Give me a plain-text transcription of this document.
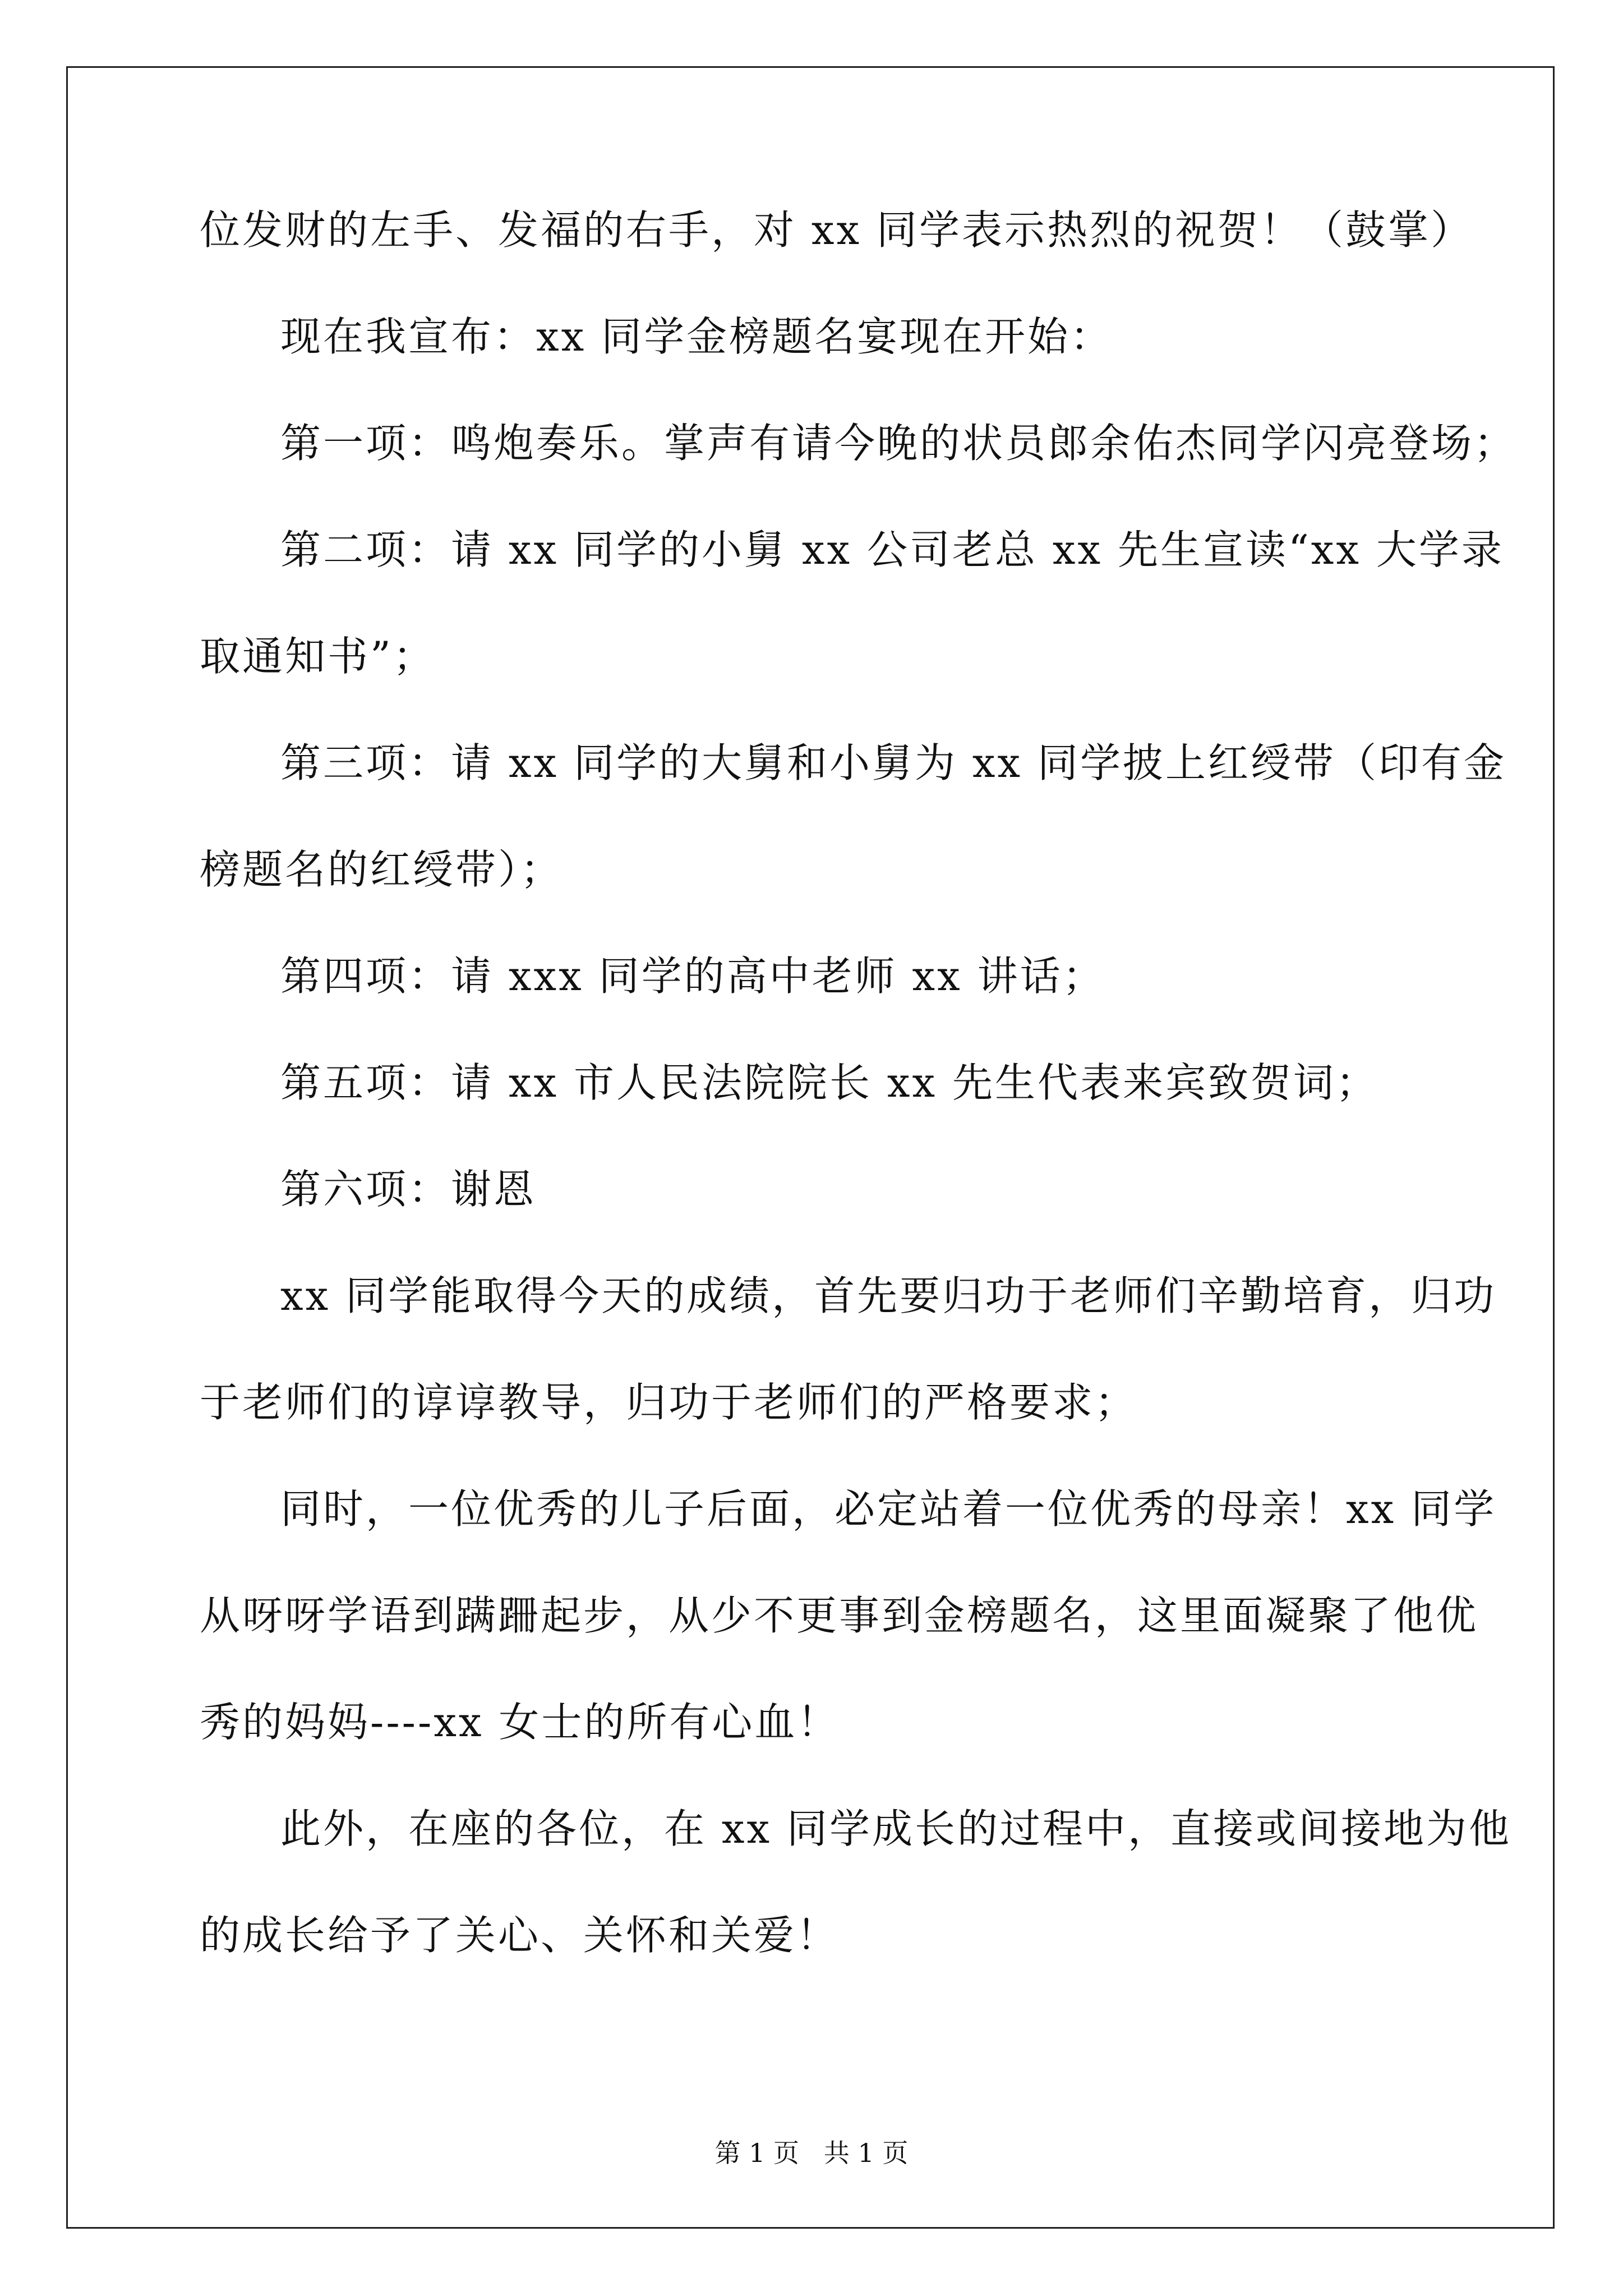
位发财的左手、发福的右手，对 xx 同学表示热烈的祝贺！（鼓掌）
现在我宣布：xx 同学金榜题名宴现在开始：
第一项：鸣炮奏乐。掌声有请今晚的状员郎余佑杰同学闪亮登场；
第二项：请 xx 同学的小舅 xx 公司老总 xx 先生宣读“xx 大学录
取通知书”；
第三项：请 xx 同学的大舅和小舅为 xx 同学披上红绶带（印有金
榜题名的红绶带）；
第四项：请 xxx 同学的高中老师 xx 讲话；
第五项：请 xx 市人民法院院长 xx 先生代表来宾致贺词；
第六项：谢恩
xx 同学能取得今天的成绩，首先要归功于老师们辛勤培育，归功
于老师们的谆谆教导，归功于老师们的严格要求；
同时，一位优秀的儿子后面，必定站着一位优秀的母亲！xx 同学
从呀呀学语到蹒跚起步，从少不更事到金榜题名，这里面凝聚了他优
秀的妈妈----xx 女士的所有心血！
此外，在座的各位，在 xx 同学成长的过程中，直接或间接地为他
的成长给予了关心、关怀和关爱！
第 1 页   共 1 页
